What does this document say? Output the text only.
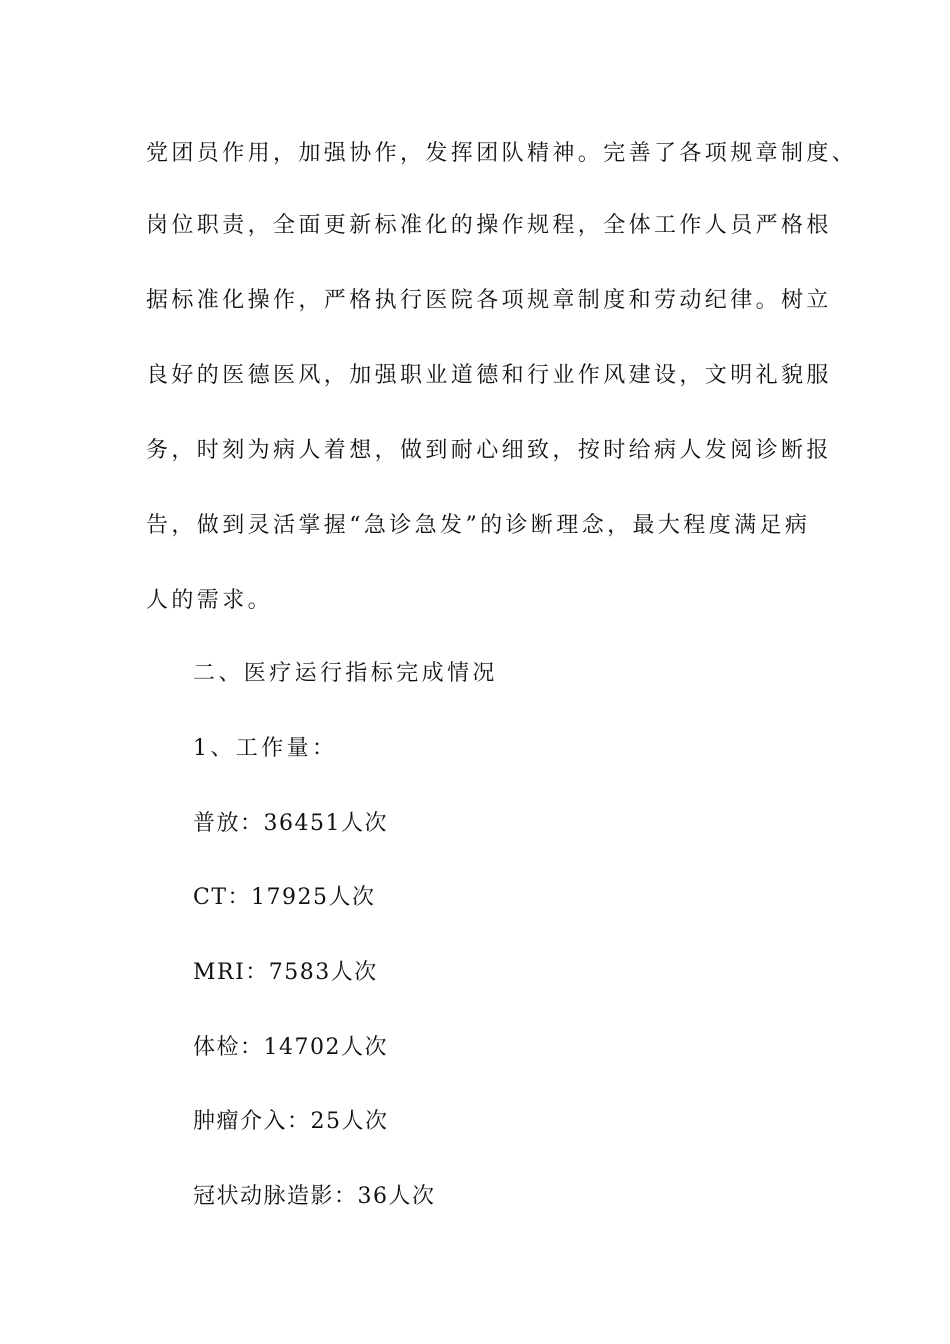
党团员作用，加强协作，发挥团队精神。完善了各项规章制度、
岗位职责，全面更新标准化的操作规程，全体工作人员严格根
据标准化操作，严格执行医院各项规章制度和劳动纪律。树立
良好的医德医风，加强职业道德和行业作风建设，文明礼貌服
务，时刻为病人着想，做到耐心细致，按时给病人发阅诊断报
告，做到灵活掌握“急诊急发”的诊断理念，最大程度满足病
人的需求。
二、医疗运行指标完成情况
1、工作量：
普放：36451人次
CT：17925人次
MRI：7583人次
体检：14702人次
肿瘤介入：25人次
冠状动脉造影：36人次
